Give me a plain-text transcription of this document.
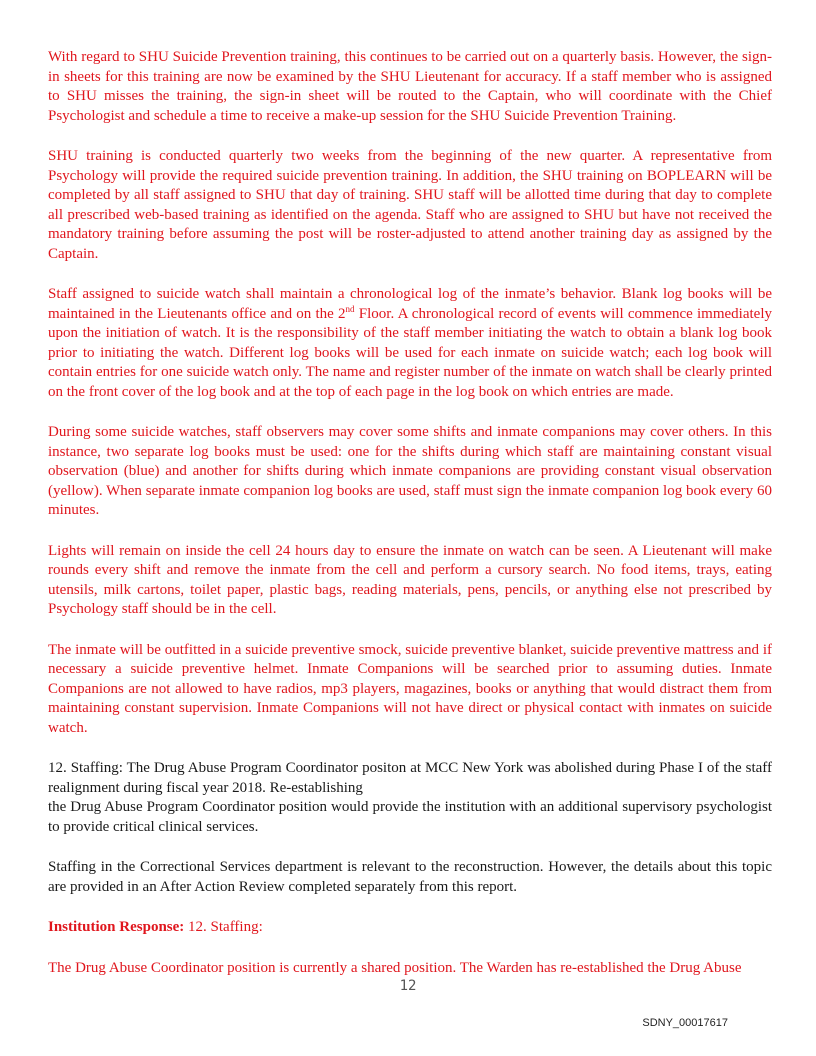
With regard to SHU Suicide Prevention training, this continues to be carried out on a quarterly basis. However, the sign-in sheets for this training are now be examined by the SHU Lieutenant for accuracy. If a staff member who is assigned to SHU misses the training, the sign-in sheet will be routed to the Captain, who will coordinate with the Chief Psychologist and schedule a time to receive a make-up session for the SHU Suicide Prevention Training.

SHU training is conducted quarterly two weeks from the beginning of the new quarter. A representative from Psychology will provide the required suicide prevention training. In addition, the SHU training on BOPLEARN will be completed by all staff assigned to SHU that day of training. SHU staff will be allotted time during that day to complete all prescribed web-based training as identified on the agenda. Staff who are assigned to SHU but have not received the mandatory training before assuming the post will be roster-adjusted to attend another training day as assigned by the Captain.

Staff assigned to suicide watch shall maintain a chronological log of the inmate’s behavior. Blank log books will be maintained in the Lieutenants office and on the 2nd Floor. A chronological record of events will commence immediately upon the initiation of watch. It is the responsibility of the staff member initiating the watch to obtain a blank log book prior to initiating the watch. Different log books will be used for each inmate on suicide watch; each log book will contain entries for one suicide watch only. The name and register number of the inmate on watch shall be clearly printed on the front cover of the log book and at the top of each page in the log book on which entries are made.

During some suicide watches, staff observers may cover some shifts and inmate companions may cover others. In this instance, two separate log books must be used: one for the shifts during which staff are maintaining constant visual observation (blue) and another for shifts during which inmate companions are providing constant visual observation (yellow). When separate inmate companion log books are used, staff must sign the inmate companion log book every 60 minutes.

Lights will remain on inside the cell 24 hours day to ensure the inmate on watch can be seen. A Lieutenant will make rounds every shift and remove the inmate from the cell and perform a cursory search. No food items, trays, eating utensils, milk cartons, toilet paper, plastic bags, reading materials, pens, pencils, or anything else not prescribed by Psychology staff should be in the cell.

The inmate will be outfitted in a suicide preventive smock, suicide preventive blanket, suicide preventive mattress and if necessary a suicide preventive helmet. Inmate Companions will be searched prior to assuming duties. Inmate Companions are not allowed to have radios, mp3 players, magazines, books or anything that would distract them from maintaining constant supervision. Inmate Companions will not have direct or physical contact with inmates on suicide watch.

12. Staffing: The Drug Abuse Program Coordinator positon at MCC New York was abolished during Phase I of the staff realignment during fiscal year 2018. Re-establishing
the Drug Abuse Program Coordinator position would provide the institution with an additional supervisory psychologist to provide critical clinical services.

Staffing in the Correctional Services department is relevant to the reconstruction. However, the details about this topic are provided in an After Action Review completed separately from this report.

Institution Response: 12. Staffing:

The Drug Abuse Coordinator position is currently a shared position. The Warden has re-established the Drug Abuse

12
SDNY_00017617
